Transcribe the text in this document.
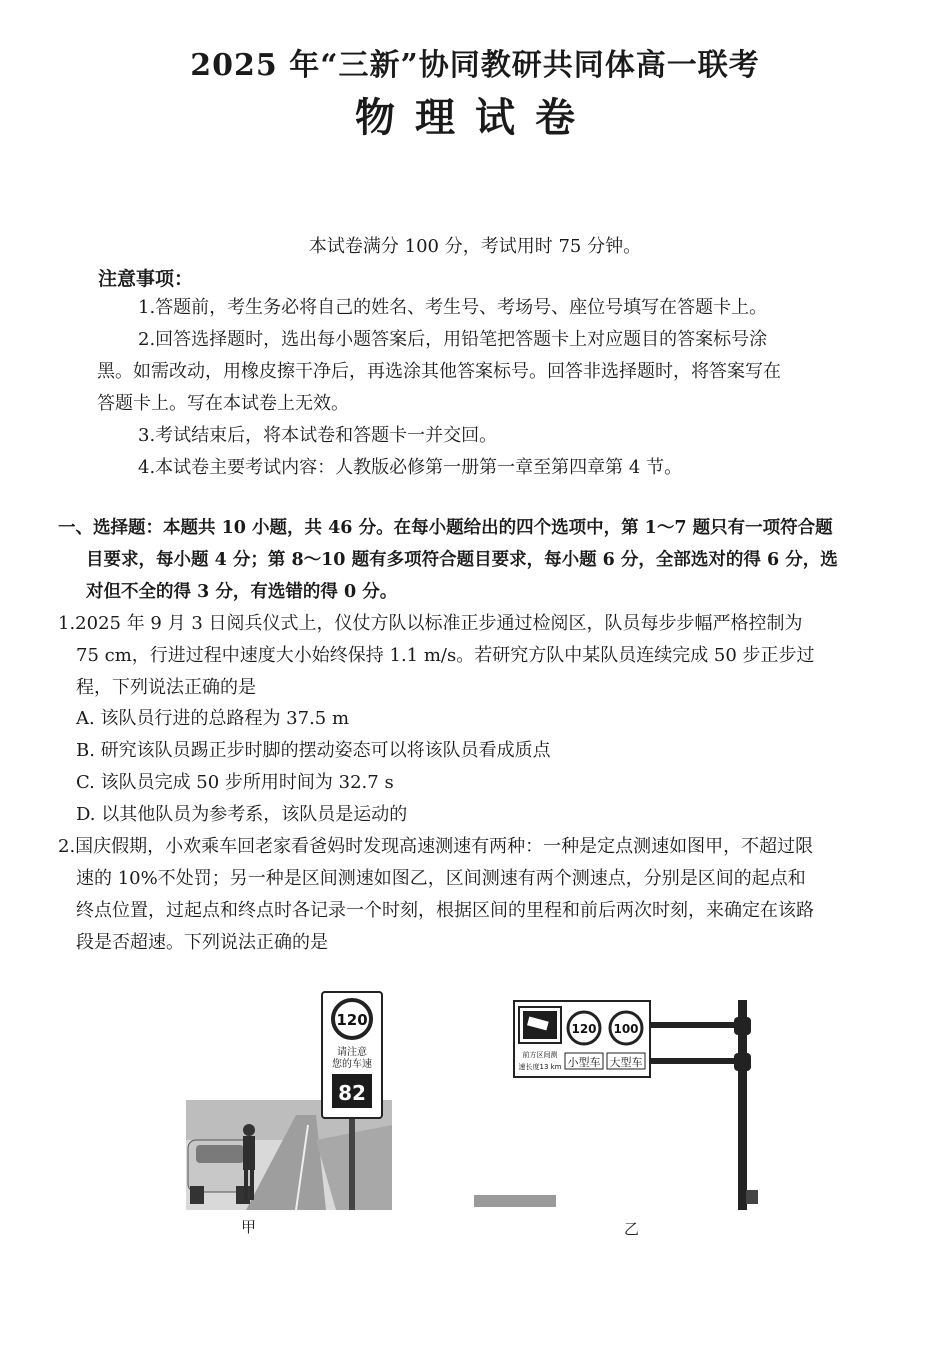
2025 年“三新”协同教研共同体高一联考
物理试卷
本试卷满分 100 分，考试用时 75 分钟。
注意事项：
1.答题前，考生务必将自己的姓名、考生号、考场号、座位号填写在答题卡上。
2.回答选择题时，选出每小题答案后，用铅笔把答题卡上对应题目的答案标号涂
黑。如需改动，用橡皮擦干净后，再选涂其他答案标号。回答非选择题时，将答案写在
答题卡上。写在本试卷上无效。
3.考试结束后，将本试卷和答题卡一并交回。
4.本试卷主要考试内容：人教版必修第一册第一章至第四章第 4 节。
一、选择题：本题共 10 小题，共 46 分。在每小题给出的四个选项中，第 1～7 题只有一项符合题
目要求，每小题 4 分；第 8～10 题有多项符合题目要求，每小题 6 分，全部选对的得 6 分，选
对但不全的得 3 分，有选错的得 0 分。
1.2025 年 9 月 3 日阅兵仪式上，仪仗方队以标准正步通过检阅区，队员每步步幅严格控制为
75 cm，行进过程中速度大小始终保持 1.1 m/s。若研究方队中某队员连续完成 50 步正步过
程，下列说法正确的是
A. 该队员行进的总路程为 37.5 m
B. 研究该队员踢正步时脚的摆动姿态可以将该队员看成质点
C. 该队员完成 50 步所用时间为 32.7 s
D. 以其他队员为参考系，该队员是运动的
2.国庆假期，小欢乘车回老家看爸妈时发现高速测速有两种：一种是定点测速如图甲，不超过限
速的 10%不处罚；另一种是区间测速如图乙，区间测速有两个测速点，分别是区间的起点和
终点位置，过起点和终点时各记录一个时刻，根据区间的里程和前后两次时刻，来确定在该路
段是否超速。下列说法正确的是
120
请注意
您的车速
82
甲
120 100
前方区间测
速长度13 km 小型车 大型车
乙
